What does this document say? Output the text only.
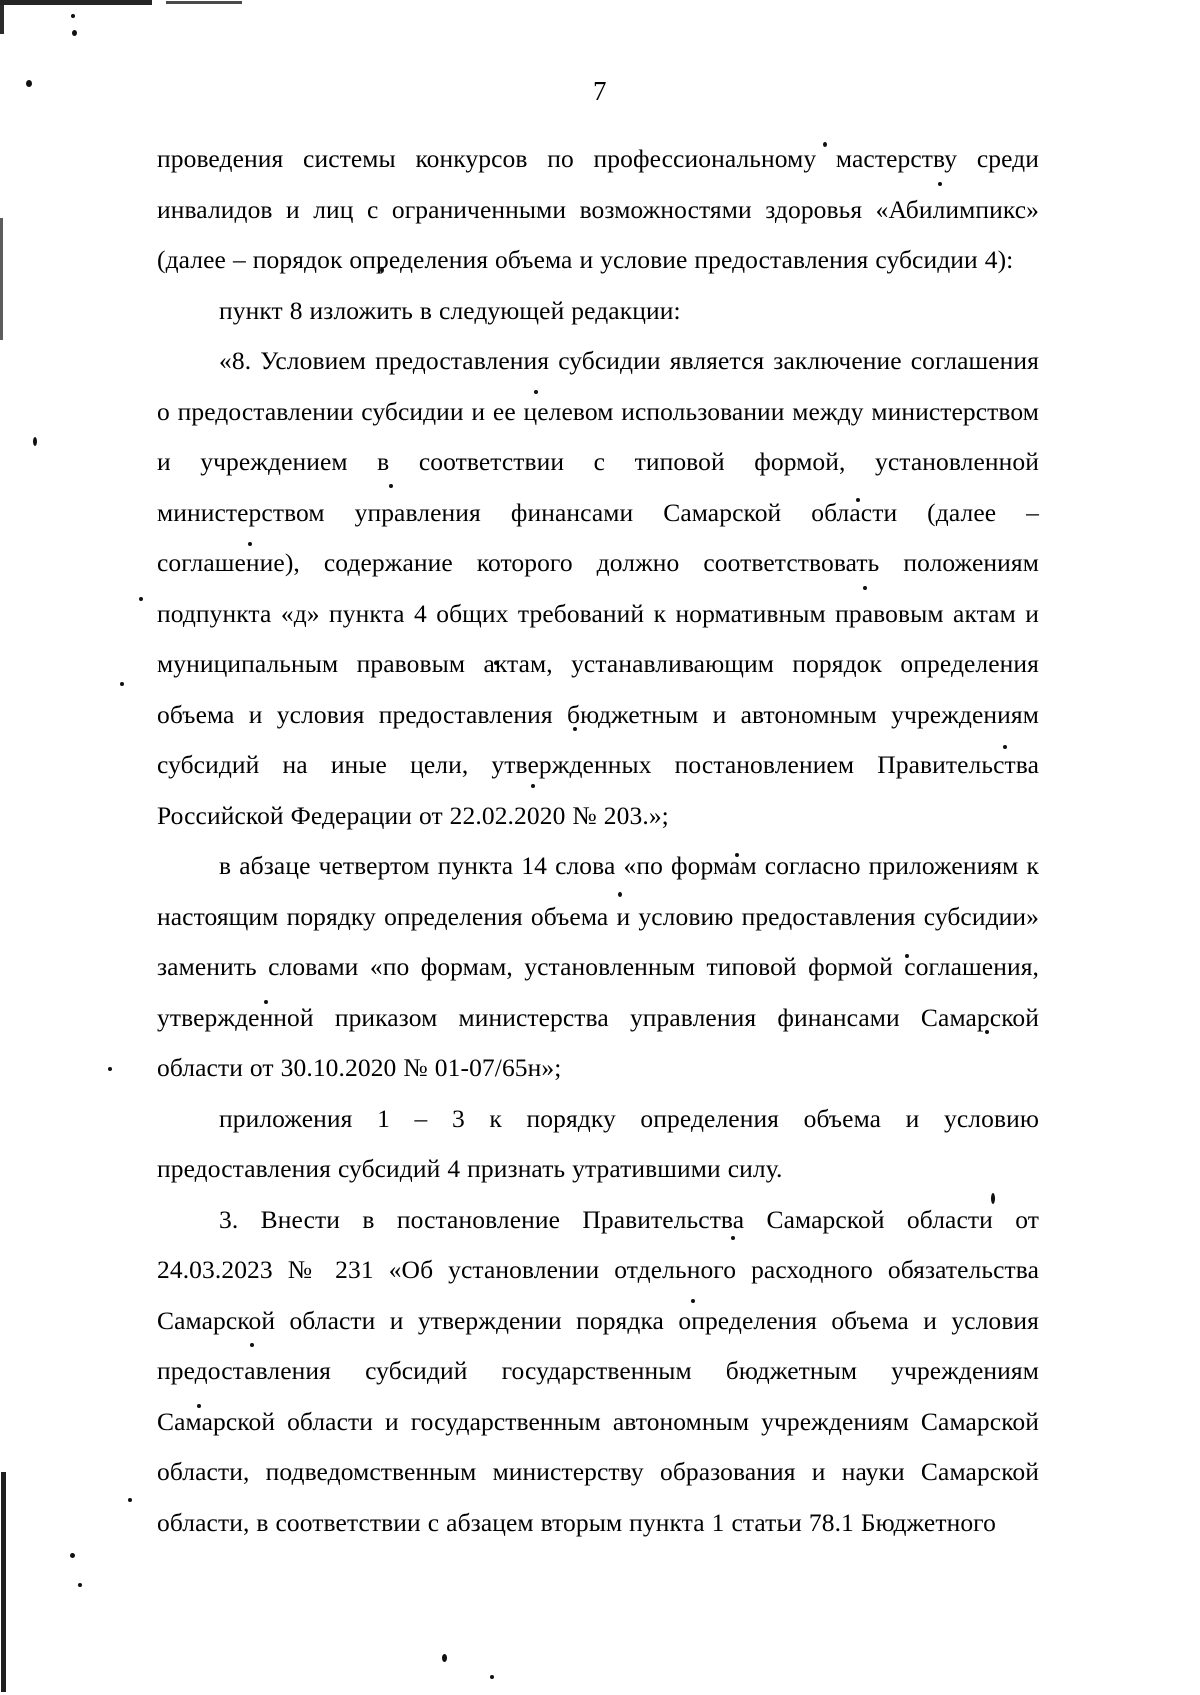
7

проведения системы конкурсов по профессиональному мастерству среди инвалидов и лиц с ограниченными возможностями здоровья «Абилимпикс» (далее – порядок определения объема и условие предоставления субсидии 4):

пункт 8 изложить в следующей редакции:

«8. Условием предоставления субсидии является заключение соглашения о предоставлении субсидии и ее целевом использовании между министерством и учреждением в соответствии с типовой формой, установленной министерством управления финансами Самарской области (далее – соглашение), содержание которого должно соответствовать положениям подпункта «д» пункта 4 общих требований к нормативным правовым актам и муниципальным правовым актам, устанавливающим порядок определения объема и условия предоставления бюджетным и автономным учреждениям субсидий на иные цели, утвержденных постановлением Правительства Российской Федерации от 22.02.2020 № 203.»;

в абзаце четвертом пункта 14 слова «по формам согласно приложениям к настоящим порядку определения объема и условию предоставления субсидии» заменить словами «по формам, установленным типовой формой соглашения, утвержденной приказом министерства управления финансами Самарской области от 30.10.2020 № 01-07/65н»;

приложения 1 – 3 к порядку определения объема и условию предоставления субсидий 4 признать утратившими силу.

3. Внести в постановление Правительства Самарской области от 24.03.2023 № 231 «Об установлении отдельного расходного обязательства Самарской области и утверждении порядка определения объема и условия предоставления субсидий государственным бюджетным учреждениям Самарской области и государственным автономным учреждениям Самарской области, подведомственным министерству образования и науки Самарской области, в соответствии с абзацем вторым пункта 1 статьи 78.1 Бюджетного
